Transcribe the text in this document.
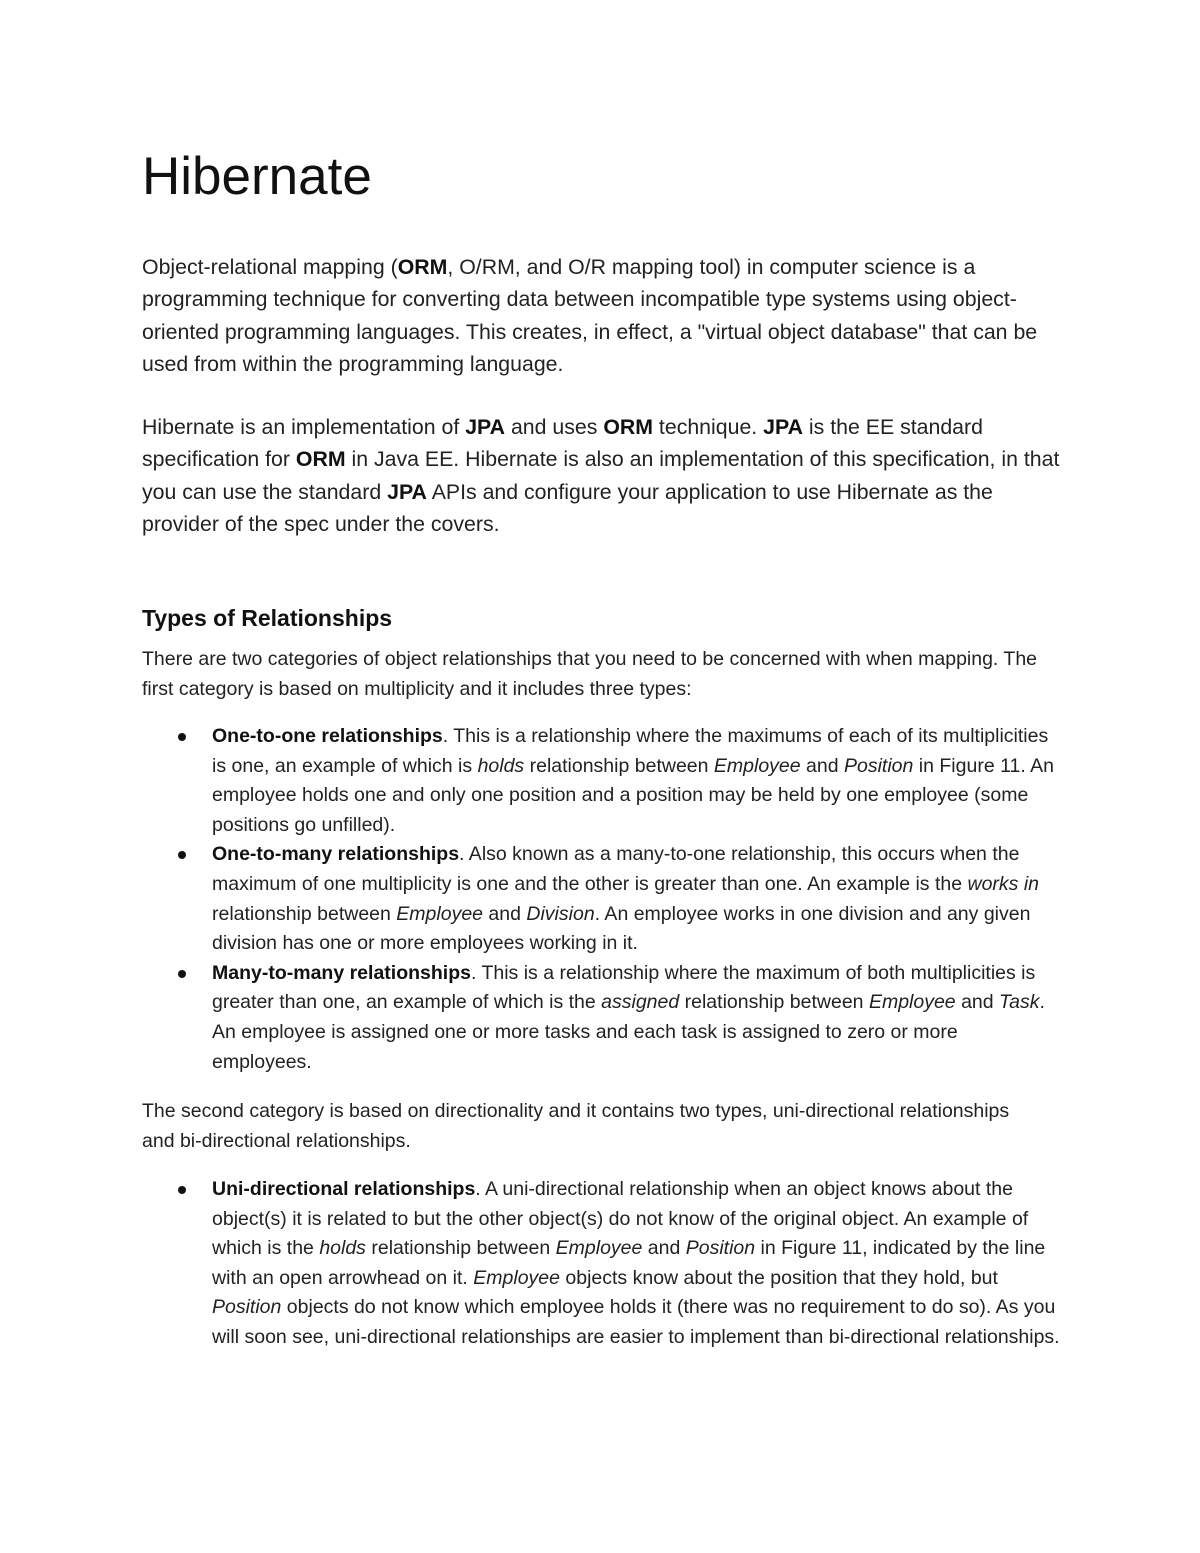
Hibernate

Object-relational mapping (ORM, O/RM, and O/R mapping tool) in computer science is a programming technique for converting data between incompatible type systems using object-oriented programming languages. This creates, in effect, a "virtual object database" that can be used from within the programming language.

Hibernate is an implementation of JPA and uses ORM technique. JPA is the EE standard specification for ORM in Java EE. Hibernate is also an implementation of this specification, in that you can use the standard JPA APIs and configure your application to use Hibernate as the provider of the spec under the covers.

Types of Relationships

There are two categories of object relationships that you need to be concerned with when mapping. The first category is based on multiplicity and it includes three types:

One-to-one relationships. This is a relationship where the maximums of each of its multiplicities is one, an example of which is holds relationship between Employee and Position in Figure 11. An employee holds one and only one position and a position may be held by one employee (some positions go unfilled).
One-to-many relationships. Also known as a many-to-one relationship, this occurs when the maximum of one multiplicity is one and the other is greater than one. An example is the works in relationship between Employee and Division. An employee works in one division and any given division has one or more employees working in it.
Many-to-many relationships. This is a relationship where the maximum of both multiplicities is greater than one, an example of which is the assigned relationship between Employee and Task. An employee is assigned one or more tasks and each task is assigned to zero or more employees.

The second category is based on directionality and it contains two types, uni-directional relationships and bi-directional relationships.

Uni-directional relationships. A uni-directional relationship when an object knows about the object(s) it is related to but the other object(s) do not know of the original object. An example of which is the holds relationship between Employee and Position in Figure 11, indicated by the line with an open arrowhead on it. Employee objects know about the position that they hold, but Position objects do not know which employee holds it (there was no requirement to do so). As you will soon see, uni-directional relationships are easier to implement than bi-directional relationships.
